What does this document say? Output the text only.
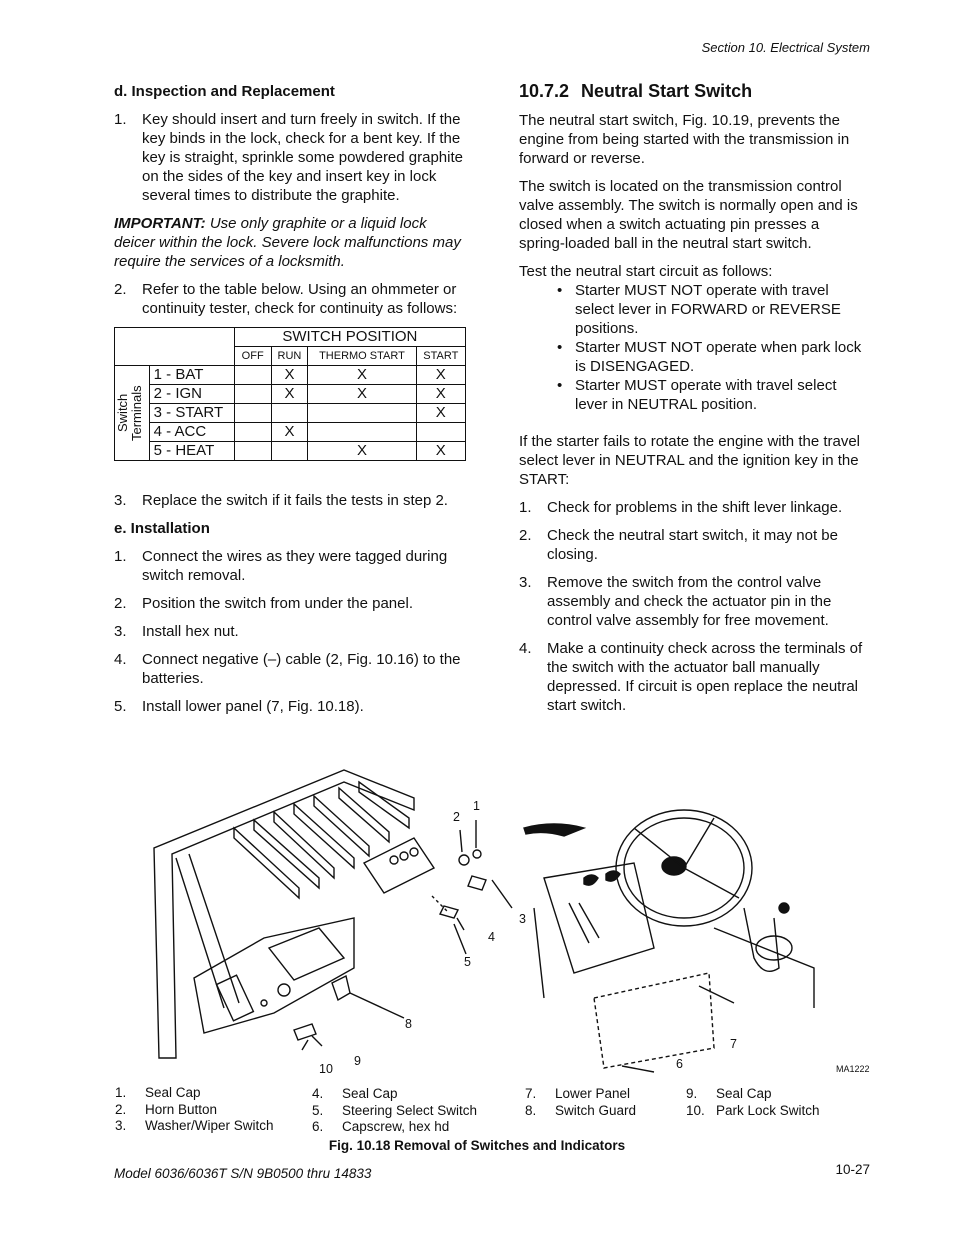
Section 10. Electrical System
d. Inspection and Replacement
1.	Key should insert and turn freely in switch. If the key binds in the lock, check for a bent key. If the key is straight, sprinkle some powdered graphite on the sides of the key and insert key in lock several times to distribute the graphite.
IMPORTANT: Use only graphite or a liquid lock deicer within the lock. Severe lock malfunctions may require the services of a locksmith.
2.	Refer to the table below. Using an ohmmeter or continuity tester, check for continuity as follows:
		SWITCH POSITION			
		OFF	RUN	THERMO START	START

Switch Terminals	1 - BAT		X	X	X
	2 - IGN		X	X	X
	3 - START				X
	4 - ACC		X		
	5 - HEAT			X	X
3.	Replace the switch if it fails the tests in step 2.
e. Installation
1.	Connect the wires as they were tagged during switch removal.
2.	Position the switch from under the panel.
3.	Install hex nut.
4.	Connect negative (–) cable (2, Fig. 10.16) to the batteries.
5.	Install lower panel (7, Fig. 10.18).
10.7.2 Neutral Start Switch

The neutral start switch, Fig. 10.19, prevents the engine from being started with the transmission in forward or reverse.

The switch is located on the transmission control valve assembly. The switch is normally open and is closed when a switch actuating pin presses a spring-loaded ball in the neutral start switch.

Test the neutral start circuit as follows:

• Starter MUST NOT operate with travel select lever in FORWARD or REVERSE positions.
• Starter MUST NOT operate when park lock is DISENGAGED.
• Starter MUST operate with travel select lever in NEUTRAL position.

If the starter fails to rotate the engine with the travel select lever in NEUTRAL and the ignition key in the START:

1.	Check for problems in the shift lever linkage.
2.	Check the neutral start switch, it may not be closing.
3.	Remove the switch from the control valve assembly and check the actuator pin in the control valve assembly for free movement.
4.	Make a continuity check across the terminals of the switch with the actuator ball manually depressed. If circuit is open replace the neutral start switch.
1
2
3
4
5
6
7
8
9
10	MA1222
1.	Seal Cap
2.	Horn Button
3.	Washer/Wiper Switch
4.	Seal Cap
5.	Steering Select Switch
6.	Capscrew, hex hd
7.	Lower Panel
8.	Switch Guard
9.	Seal Cap
10. Park Lock Switch
Fig. 10.18 Removal of Switches and Indicators
Model 6036/6036T S/N 9B0500 thru 14833	10-27
